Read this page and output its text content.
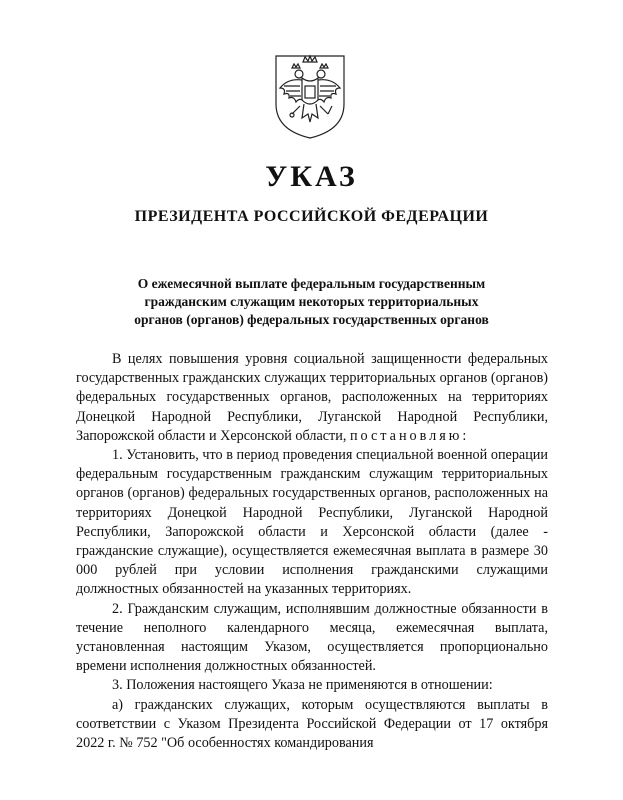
УКАЗ
ПРЕЗИДЕНТА РОССИЙСКОЙ ФЕДЕРАЦИИ
О ежемесячной выплате федеральным государственным
гражданским служащим некоторых территориальных
органов (органов) федеральных государственных органов

В целях повышения уровня социальной защищенности федеральных государственных гражданских служащих территориальных органов (органов) федеральных государственных органов, расположенных на территориях Донецкой Народной Республики, Луганской Народной Республики, Запорожской области и Херсонской области, постановляю:

1. Установить, что в период проведения специальной военной операции федеральным государственным гражданским служащим территориальных органов (органов) федеральных государственных органов, расположенных на территориях Донецкой Народной Республики, Луганской Народной Республики, Запорожской области и Херсонской области (далее - гражданские служащие), осуществляется ежемесячная выплата в размере 30 000 рублей при условии исполнения гражданскими служащими должностных обязанностей на указанных территориях.

2. Гражданским служащим, исполнявшим должностные обязанности в течение неполного календарного месяца, ежемесячная выплата, установленная настоящим Указом, осуществляется пропорционально времени исполнения должностных обязанностей.

3. Положения настоящего Указа не применяются в отношении:

а) гражданских служащих, которым осуществляются выплаты в соответствии с Указом Президента Российской Федерации от 17 октября 2022 г. № 752 "Об особенностях командирования
